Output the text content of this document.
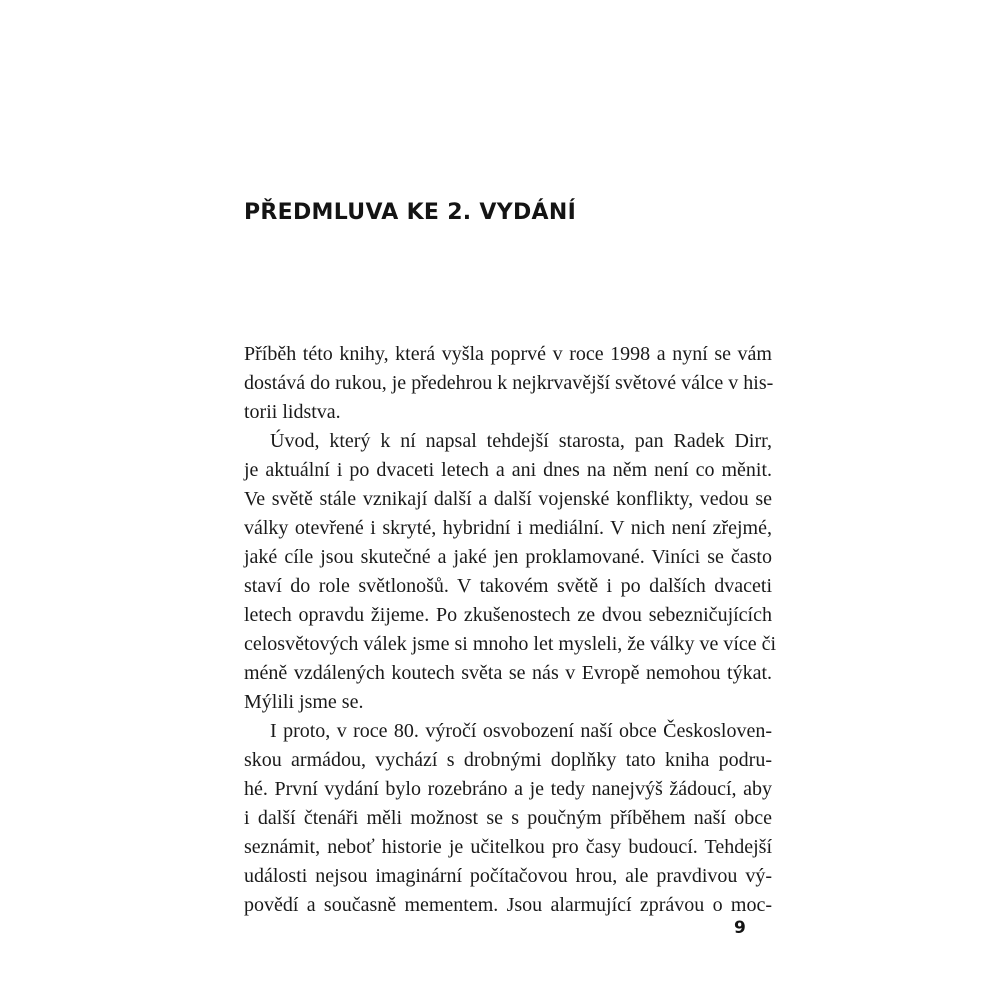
PŘEDMLUVA KE 2. VYDÁNÍ

Příběh této knihy, která vyšla poprvé v roce 1998 a nyní se vám

dostává do rukou, je předehrou k nejkrvavější světové válce v his-

torii lidstva.

Úvod, který k ní napsal tehdejší starosta, pan Radek Dirr,

je aktuální i po dvaceti letech a ani dnes na něm není co měnit.

Ve světě stále vznikají další a další vojenské konflikty, vedou se

války otevřené i skryté, hybridní i mediální. V nich není zřejmé,

jaké cíle jsou skutečné a jaké jen proklamované. Viníci se často

staví do role světlonošů. V takovém světě i po dalších dvaceti

letech opravdu žijeme. Po zkušenostech ze dvou sebezničujících

celosvětových válek jsme si mnoho let mysleli, že války ve více či

méně vzdálených koutech světa se nás v Evropě nemohou týkat.

Mýlili jsme se.

I proto, v roce 80. výročí osvobození naší obce Českosloven-

skou armádou, vychází s drobnými doplňky tato kniha podru-

hé. První vydání bylo rozebráno a je tedy nanejvýš žádoucí, aby

i další čtenáři měli možnost se s poučným příběhem naší obce

seznámit, neboť historie je učitelkou pro časy budoucí. Tehdejší

události nejsou imaginární počítačovou hrou, ale pravdivou vý-

povědí a současně mementem. Jsou alarmující zprávou o moc-

9
